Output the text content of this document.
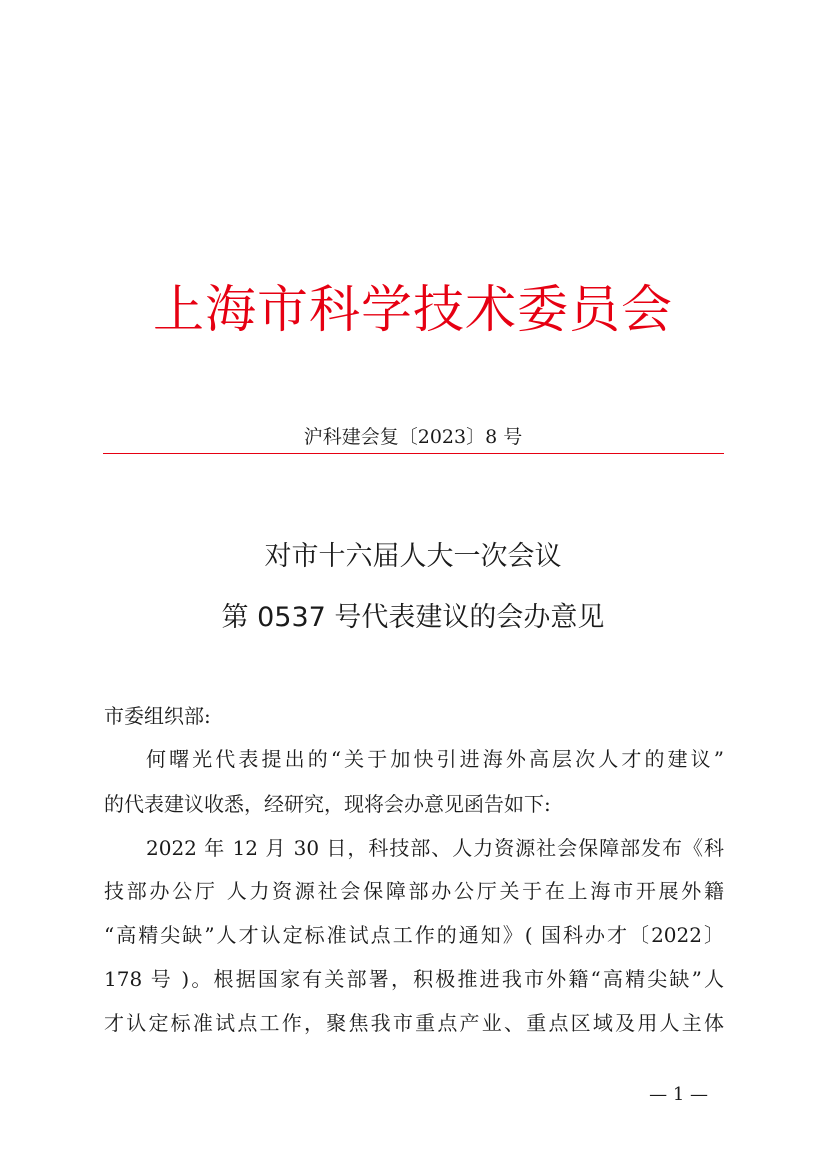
上海市科学技术委员会
沪科建会复〔2023〕8 号
对市十六届人大一次会议
第 0537 号代表建议的会办意见
市委组织部:
何曙光代表提出的“关于加快引进海外高层次人才的建议”
的代表建议收悉，经研究，现将会办意见函告如下:
2022 年 12 月 30 日，科技部、人力资源社会保障部发布《科
技部办公厅 人力资源社会保障部办公厅关于在上海市开展外籍
“高精尖缺”人才认定标准试点工作的通知》( 国科办才〔2022〕
178 号 )。根据国家有关部署，积极推进我市外籍“高精尖缺”人
才认定标准试点工作，聚焦我市重点产业、重点区域及用人主体
— 1 —
